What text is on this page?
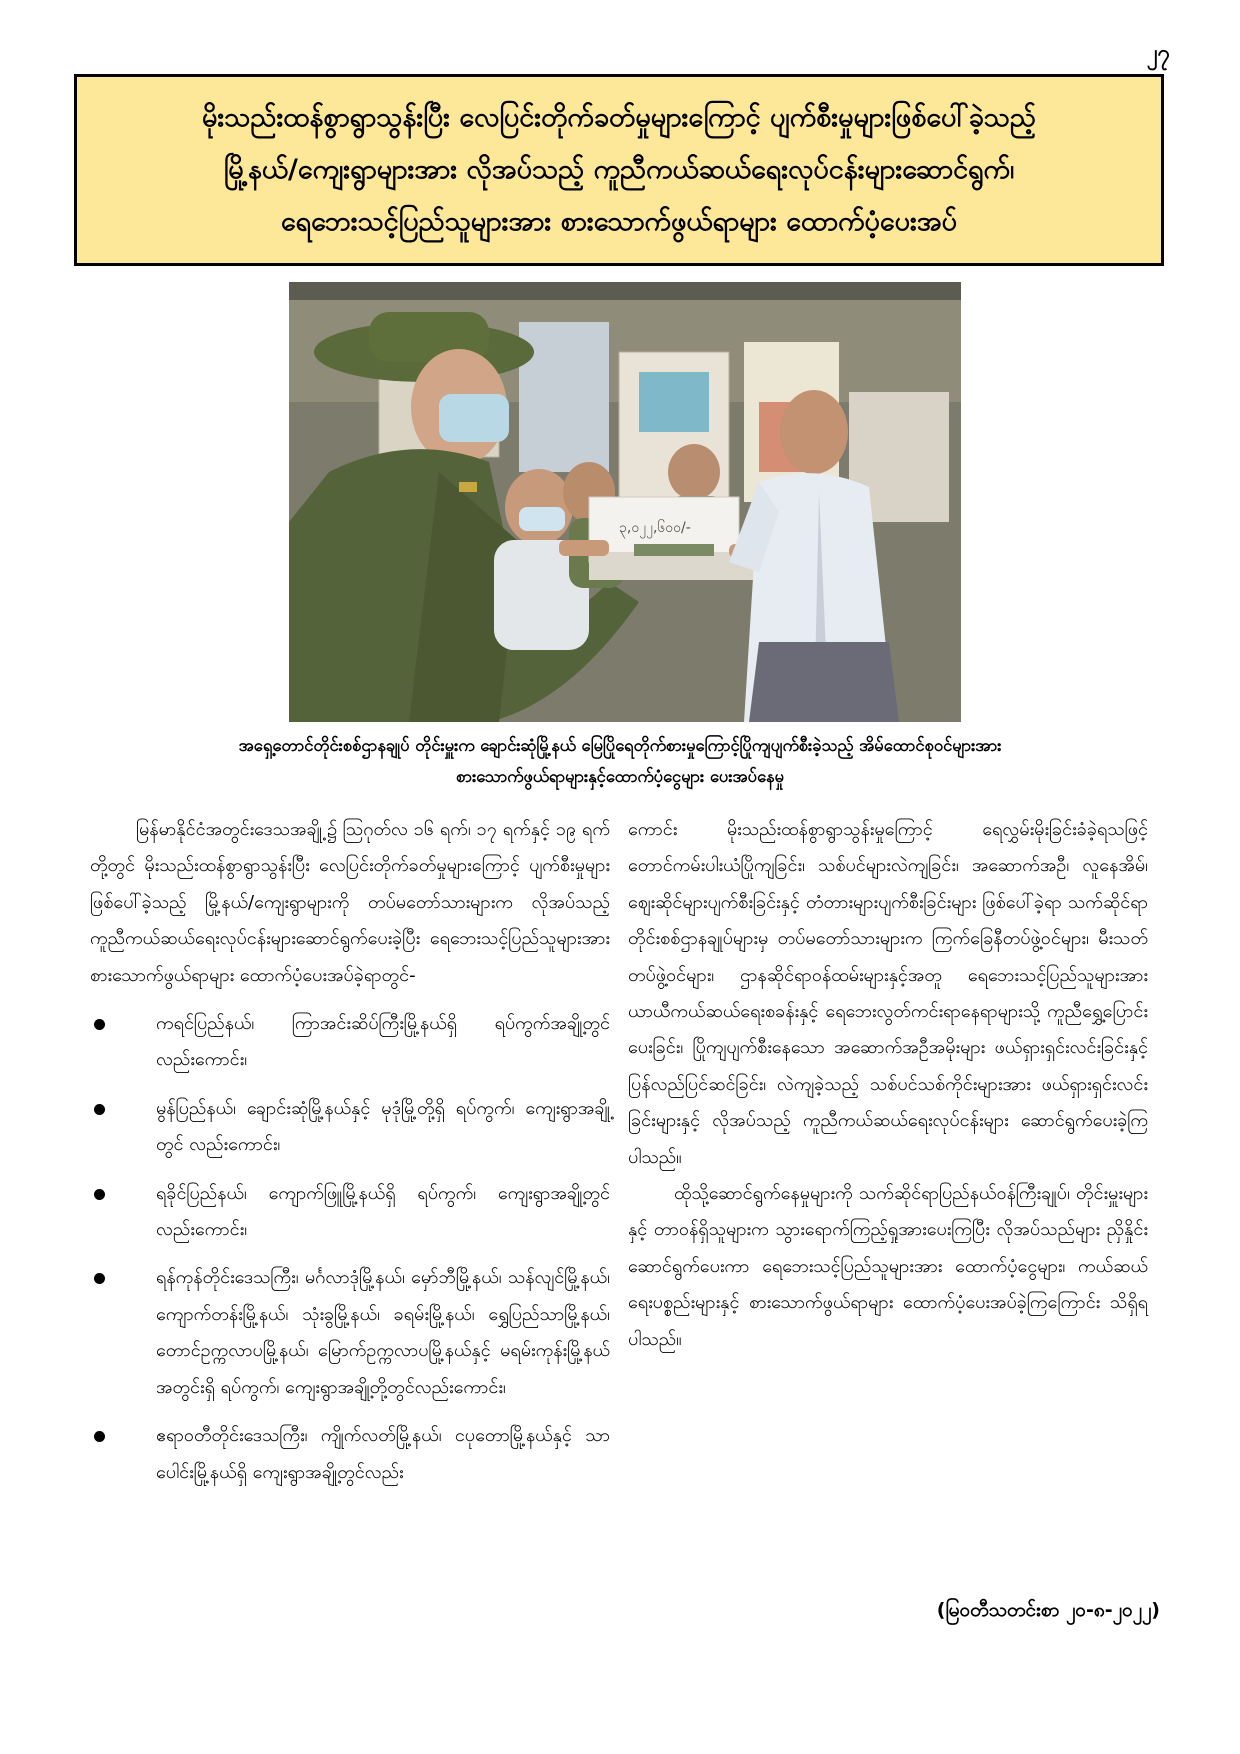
၂၇
မိုးသည်းထန်စွာရွာသွန်းပြီး လေပြင်းတိုက်ခတ်မှုများကြောင့် ပျက်စီးမှုများဖြစ်ပေါ်ခဲ့သည့်
မြို့နယ်/ကျေးရွာများအား လိုအပ်သည့် ကူညီကယ်ဆယ်ရေးလုပ်ငန်းများဆောင်ရွက်၊
ရေဘေးသင့်ပြည်သူများအား စားသောက်ဖွယ်ရာများ ထောက်ပံ့ပေးအပ်
၃,၀၂၂,၆၀၀/-
အရှေ့တောင်တိုင်းစစ်ဌာနချုပ် တိုင်းမှူးက ချောင်းဆုံမြို့နယ် မြေပြိုရေတိုက်စားမှုကြောင့်ပြိုကျပျက်စီးခဲ့သည့် အိမ်ထောင်စုဝင်များအား
စားသောက်ဖွယ်ရာများနှင့်ထောက်ပံ့ငွေများ ပေးအပ်နေမှု

မြန်မာနိုင်ငံအတွင်းဒေသအချို့၌ ဩဂုတ်လ ၁၆ ရက်၊ ၁၇ ရက်နှင့် ၁၉ ရက်တို့တွင် မိုးသည်းထန်စွာရွာသွန်းပြီး လေပြင်းတိုက်ခတ်မှုများကြောင့် ပျက်စီးမှုများဖြစ်ပေါ်ခဲ့သည့် မြို့နယ်/ကျေးရွာများကို တပ်မတော်သားများက လိုအပ်သည့် ကူညီကယ်ဆယ်ရေးလုပ်ငန်းများဆောင်ရွက်ပေးခဲ့ပြီး ရေဘေးသင့်ပြည်သူများအား စားသောက်ဖွယ်ရာများ ထောက်ပံ့ပေးအပ်ခဲ့ရာတွင်-

ကရင်ပြည်နယ်၊ ကြာအင်းဆိပ်ကြီးမြို့နယ်ရှိ ရပ်ကွက်အချို့တွင်လည်းကောင်း၊
မွန်ပြည်နယ်၊ ချောင်းဆုံမြို့နယ်နှင့် မုဒုံမြို့တို့ရှိ ရပ်ကွက်၊ ကျေးရွာအချို့တွင် လည်းကောင်း၊
ရခိုင်ပြည်နယ်၊ ကျောက်ဖြူမြို့နယ်ရှိ ရပ်ကွက်၊ ကျေးရွာအချို့တွင်လည်းကောင်း၊
ရန်ကုန်တိုင်းဒေသကြီး၊ မင်္ဂလာဒုံမြို့နယ်၊ မှော်ဘီမြို့နယ်၊ သန်လျင်မြို့နယ်၊ ကျောက်တန်းမြို့နယ်၊ သုံးခွမြို့နယ်၊ ခရမ်းမြို့နယ်၊ ရွှေပြည်သာမြို့နယ်၊ တောင်ဥက္ကလာပမြို့နယ်၊ မြောက်ဥက္ကလာပမြို့နယ်နှင့် မရမ်းကုန်းမြို့နယ်အတွင်းရှိ ရပ်ကွက်၊ ကျေးရွာအချို့တို့တွင်လည်းကောင်း၊
ဧရာဝတီတိုင်းဒေသကြီး၊ ကျိုက်လတ်မြို့နယ်၊ ငပုတောမြို့နယ်နှင့် သာပေါင်းမြို့နယ်ရှိ ကျေးရွာအချို့တွင်လည်း

ကောင်း မိုးသည်းထန်စွာရွာသွန်းမှုကြောင့် ရေလွှမ်းမိုးခြင်းခံခဲ့ရသဖြင့် တောင်ကမ်းပါးယံပြိုကျခြင်း၊ သစ်ပင်များလဲကျခြင်း၊ အဆောက်အဦ၊ လူနေအိမ်၊ ဈေးဆိုင်များပျက်စီးခြင်းနှင့် တံတားများပျက်စီးခြင်းများ ဖြစ်ပေါ်ခဲ့ရာ သက်ဆိုင်ရာတိုင်းစစ်ဌာနချုပ်များမှ တပ်မတော်သားများက ကြက်ခြေနီတပ်ဖွဲ့ဝင်များ၊ မီးသတ်တပ်ဖွဲ့ဝင်များ၊ ဌာနဆိုင်ရာဝန်ထမ်းများနှင့်အတူ ရေဘေးသင့်ပြည်သူများအား ယာယီကယ်ဆယ်ရေးစခန်းနှင့် ရေဘေးလွတ်ကင်းရာနေရာများသို့ ကူညီရွှေ့ပြောင်းပေးခြင်း၊ ပြိုကျပျက်စီးနေသော အဆောက်အဦအမိုးများ ဖယ်ရှားရှင်းလင်းခြင်းနှင့် ပြန်လည်ပြင်ဆင်ခြင်း၊ လဲကျခဲ့သည့် သစ်ပင်သစ်ကိုင်းများအား ဖယ်ရှားရှင်းလင်းခြင်းများနှင့် လိုအပ်သည့် ကူညီကယ်ဆယ်ရေးလုပ်ငန်းများ ဆောင်ရွက်ပေးခဲ့ကြပါသည်။

ထိုသို့ဆောင်ရွက်နေမှုများကို သက်ဆိုင်ရာပြည်နယ်ဝန်ကြီးချုပ်၊ တိုင်းမှူးများနှင့် တာဝန်ရှိသူများက သွားရောက်ကြည့်ရှုအားပေးကြပြီး လိုအပ်သည်များ ညှိနှိုင်းဆောင်ရွက်ပေးကာ ရေဘေးသင့်ပြည်သူများအား ထောက်ပံ့ငွေများ၊ ကယ်ဆယ်ရေးပစ္စည်းများနှင့် စားသောက်ဖွယ်ရာများ ထောက်ပံ့ပေးအပ်ခဲ့ကြကြောင်း သိရှိရပါသည်။

(မြဝတီသတင်းစာ ၂၀-၈-၂၀၂၂)
